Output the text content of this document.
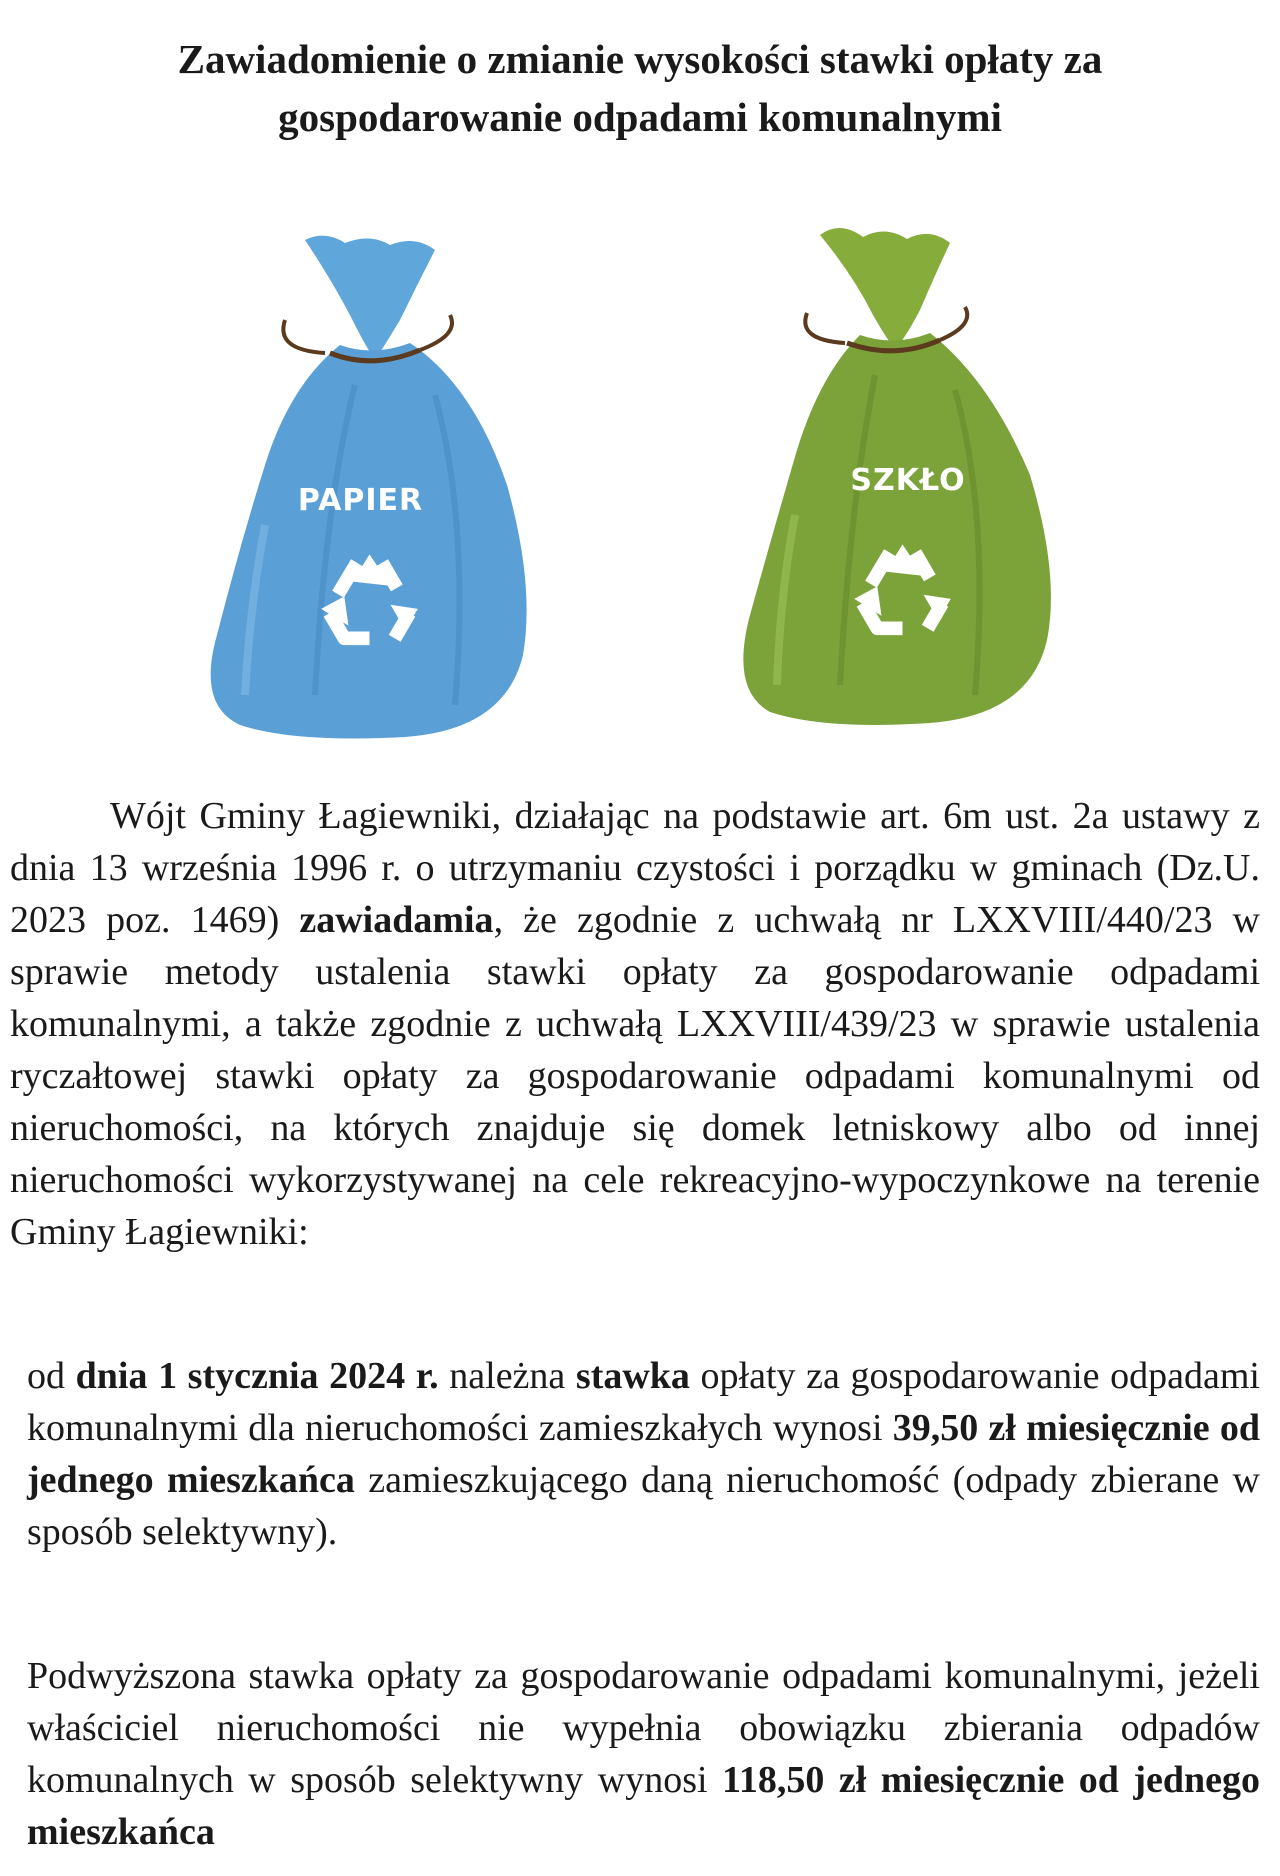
Zawiadomienie o zmianie wysokości stawki opłaty za
gospodarowanie odpadami komunalnymi
PAPIER
SZKŁO

Wójt Gminy Łagiewniki, działając na podstawie art. 6m ust. 2a ustawy z dnia 13 września 1996 r. o utrzymaniu czystości i porządku w gminach (Dz.U. 2023 poz. 1469) zawiadamia, że zgodnie z uchwałą nr LXXVIII/440/23 w sprawie metody ustalenia stawki opłaty za gospodarowanie odpadami komunalnymi, a także zgodnie z uchwałą LXXVIII/439/23 w sprawie ustalenia ryczałtowej stawki opłaty za gospodarowanie odpadami komunalnymi od nieruchomości, na których znajduje się domek letniskowy albo od innej nieruchomości wykorzystywanej na cele rekreacyjno-wypoczynkowe na terenie Gminy Łagiewniki:

od dnia 1 stycznia 2024 r. należna stawka opłaty za gospodarowanie odpadami komunalnymi dla nieruchomości zamieszkałych wynosi 39,50 zł miesięcznie od jednego mieszkańca zamieszkującego daną nieruchomość (odpady zbierane w sposób selektywny).

Podwyższona stawka opłaty za gospodarowanie odpadami komunalnymi, jeżeli właściciel nieruchomości nie wypełnia obowiązku zbierania odpadów komunalnych w sposób selektywny wynosi 118,50 zł miesięcznie od jednego mieszkańca
